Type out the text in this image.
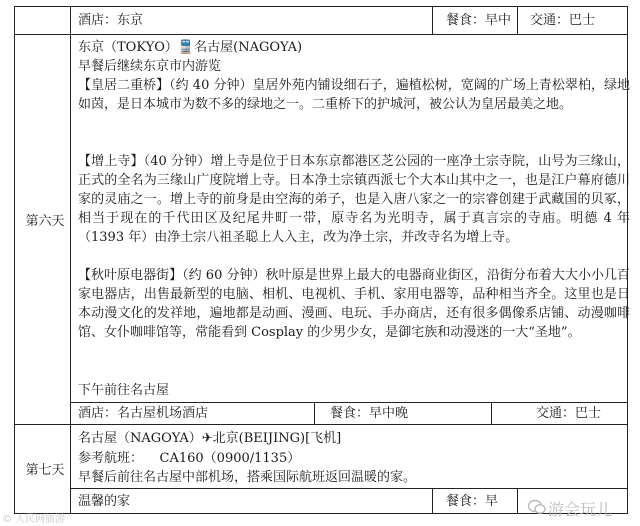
酒店：东京	餐食：早中 交通：巴士
第六天
东京（TOKYO）🚆名古屋(NAGOYA)
早餐后继续东京市内游览
【皇居二重桥】（约 40 分钟）皇居外苑内铺设细石子，遍植松树，宽阔的广场上青松翠柏，绿地如茵，是日本城市为数不多的绿地之一。二重桥下的护城河，被公认为皇居最美之地。
【增上寺】（40 分钟）增上寺是位于日本东京都港区芝公园的一座净土宗寺院，山号为三缘山，正式的全名为三缘山广度院增上寺。日本净土宗镇西派七个大本山其中之一，也是江户幕府德川家的灵庙之一。增上寺的前身是由空海的弟子，也是入唐八家之一的宗睿创建于武藏国的贝冢，相当于现在的千代田区及纪尾井町一带，原寺名为光明寺，属于真言宗的寺庙。明德 4 年（1393 年）由净土宗八祖圣聪上人入主，改为净土宗，并改寺名为增上寺。
【秋叶原电器街】（约 60 分钟）秋叶原是世界上最大的电器商业街区，沿街分布着大大小小几百家电器店，出售最新型的电脑、相机、电视机、手机、家用电器等，品种相当齐全。这里也是日本动漫文化的发祥地，遍地都是动画、漫画、电玩、手办商店，还有很多偶像系店铺、动漫咖啡馆、女仆咖啡馆等，常能看到 Cosplay 的少男少女，是御宅族和动漫迷的一大“圣地”。
下午前往名古屋
酒店：名古屋机场酒店	餐食：早中晚	交通：巴士
第七天
名古屋（NAGOYA）✈北京(BEIJING)[飞机]
参考航班：    CA160（0900/1135）
早餐后前往名古屋中部机场，搭乘国际航班返回温暖的家。
温馨的家	餐食：早
© 人民网旅游
游会玩儿
